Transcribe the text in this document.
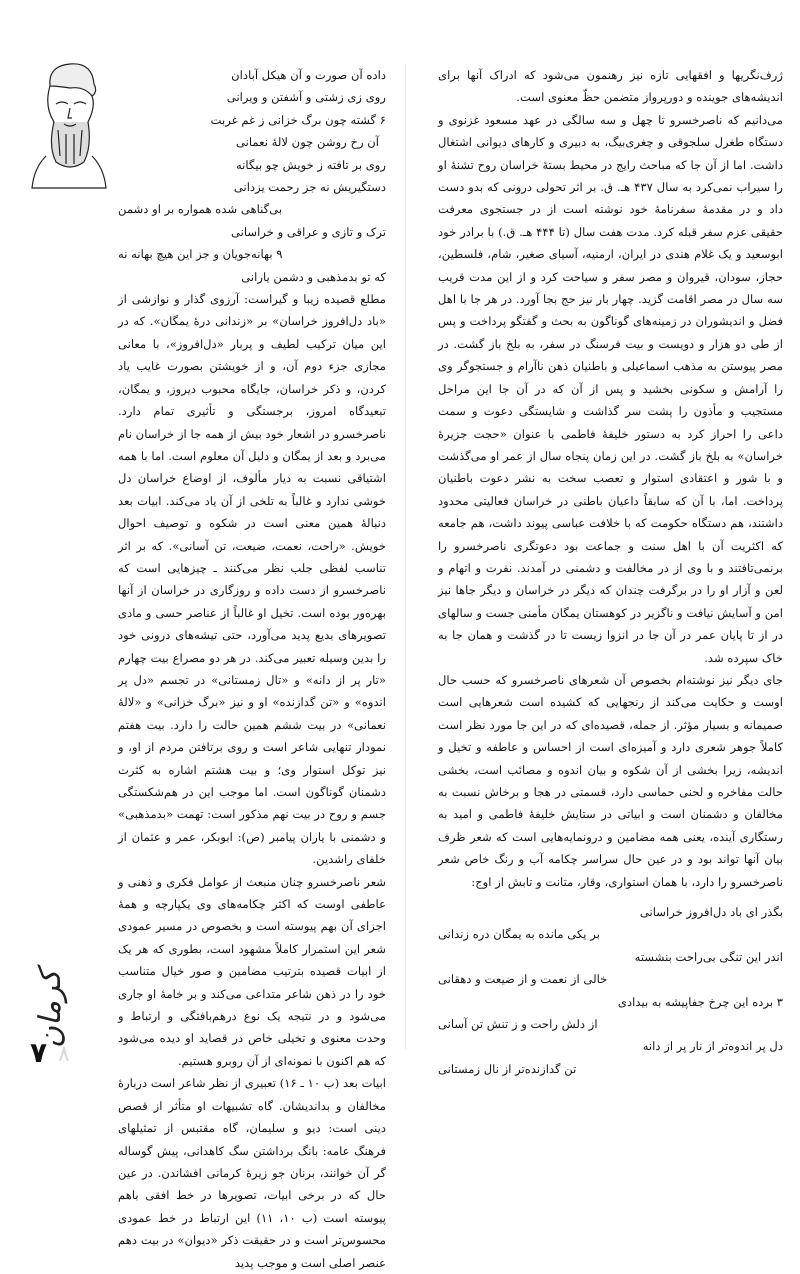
ژرف‌نگریها و افقهایی تازه نیز رهنمون می‌شود که ادراک آنها برای اندیشه‌های جوینده و دورپرواز متضمن حظّ معنوی است.

می‌دانیم که ناصرخسرو تا چهل و سه سالگی در عهد مسعود غزنوی و دستگاه طغرل سلجوقی و چغری‌بیگ، به دبیری و کارهای دیوانی اشتغال داشت. اما از آن جا که مباحث رایج در محیط بستهٔ خراسان روح تشنهٔ او را سیراب نمی‌کرد به سال ۴۳۷ هـ. ق. بر اثر تحولی درونی که بدو دست داد و در مقدمهٔ سفرنامهٔ خود نوشته است از در جستجوی معرفت حقیقی عزم سفر قبله کرد. مدت هفت سال (تا ۴۴۴ هـ. ق.) با برادر خود ابوسعید و یک غلام هندی در ایران، ارمنیه، آسیای صغیر، شام، فلسطین، حجاز، سودان، قیروان و مصر سفر و سیاحت کرد و از این مدت قریب سه سال در مصر اقامت گزید. چهار بار نیز حج بجا آورد. در هر جا با اهل فضل و اندیشوران در زمینه‌های گوناگون به بحث و گفتگو پرداخت و پس از طی دو هزار و دویست و بیت فرسنگ در سفر، به بلخ باز گشت. در مصر پیوستن به مذهب اسماعیلی و باطنیان ذهن ناآرام و جستجوگر وی را آرامش و سکونی بخشید و پس از آن که در آن جا این مراحل مستجیب و مأذون را پشت سر گذاشت و شایستگی دعوت و سمت داعی را احراز کرد به دستور خلیفهٔ فاطمی با عنوان «حجت جزیرهٔ خراسان» به بلخ باز گشت. در این زمان پنجاه سال از عمر او می‌گذشت و با شور و اعتقادی استوار و تعصب سخت به نشر دعوت باطنیان پرداخت. اما، با آن که سابقاً داعیان باطنی در خراسان فعالیتی محدود داشتند، هم دستگاه حکومت که با خلافت عباسی پیوند داشت، هم جامعه که اکثریت آن با اهل سنت و جماعت بود دعوتگری ناصرخسرو را برنمی‌تافتند و با وی از در مخالفت و دشمنی در آمدند. نفرت و اتهام و لعن و آزار او را در برگرفت چندان که دیگر در خراسان و دیگر جاها نیز امن و آسایش نیافت و ناگزیر در کوهستان یمگان مأمنی جست و سالهای در از تا پایان عمر در آن جا در انزوا زیست تا در گذشت و همان جا به خاک سپرده شد.

جای دیگر نیز نوشته‌ام بخصوص آن شعرهای ناصرخسرو که حسب حال اوست و حکایت می‌کند از رنجهایی که کشیده است شعرهایی است صمیمانه و بسیار مؤثر. از جمله، قصیده‌ای که در این جا مورد نظر است کاملاً جوهر شعری دارد و آمیزه‌ای است از احساس و عاطفه و تخیل و اندیشه، زیرا بخشی از آن شکوه و بیان اندوه و مصائب است، بخشی حالت مفاخره و لحنی حماسی دارد، قسمتی در هجا و برخاش نسبت به مخالفان و دشمنان است و ابیاتی در ستایش خلیفهٔ فاطمی و امید به رستگاری آینده، یعنی همه مضامین و درونمایه‌هایی است که شعر ظرف بیان آنها تواند بود و در عین حال سراسر چکامه آب و رنگ خاص شعر ناصرخسرو را دارد، با همان استواری، وقار، متانت و تابش از اوج:

بگذر ای باد دل‌افروز خراسانی
بر یکی مانده به یمگان دره زندانی
اندر این تنگی بی‌راحت بنشسته
خالی از نعمت و از ضیعت و دهقانی
۳ برده این چرخ جفاپیشه به بیدادی
از دلش راحت و ز تنش تن آسانی
دل پر اندوه‌تر از نار پر از دانه
تن گدازنده‌تر از نال زمستانی
داده آن صورت و آن هیکل آبادان
روی زی زشتی و آشفتن و ویرانی
۶ گشته چون برگ خزانی ز غم غربت
آن رخ روشن چون لالهٔ نعمانی
روی بر تافته ز خویش چو بیگانه
دستگیریش نه جز رحمت یزدانی
بی‌گناهی شده همواره بر او دشمن
ترک و تازی و عراقی و خراسانی
۹ بهانه‌جویان و جز این هیچ بهانه نه
که تو بدمذهبی و دشمن یارانی

مطلع قصیده زیبا و گیراست: آرزوی گذار و نوازشی از «باد دل‌افروز خراسان» بر «زندانی درهٔ یمگان». که در این میان ترکیب لطیف و پربار «دل‌افروز»، با معانی مجازی جزء دوم آن، و از خویشتن بصورت غایب یاد کردن، و ذکر خراسان، جایگاه محبوب دیروز، و یمگان، تبعیدگاه امروز، برجستگی و تأثیری تمام دارد. ناصرخسرو در اشعار خود بیش از همه جا از خراسان نام می‌برد و بعد از یمگان و دلیل آن معلوم است. اما با همه اشتیاقی نسبت به دیار مألوف، از اوضاع خراسان دل خوشی ندارد و غالباً به تلخی از آن یاد می‌کند. ابیات بعد دنبالهٔ همین معنی است در شکوه و توصیف احوال خویش. «راحت، نعمت، ضیعت، تن آسانی». که بر اثر تناسب لفظی جلب نظر می‌کنند ـ چیزهایی است که ناصرخسرو از دست داده و روزگاری در خراسان از آنها بهره‌ور بوده است. تخیل او غالباً از عناصر حسی و مادی تصویرهای بدیع پدید می‌آورد، حتی تیشه‌های درونی خود را بدین وسیله تعبیر می‌کند. در هر دو مصراع بیت چهارم «تار پر از دانه» و «تال زمستانی» در تجسم «دل پر اندوه» و «تن گدازنده» او و نیز «برگ خزانی» و «لالهٔ نعمانی» در بیت ششم همین حالت را دارد. بیت هفتم نمودار تنهایی شاعر است و روی برتافتن مردم از او، و نیز توکل استوار وی؛ و بیت هشتم اشاره به کثرت دشمنان گوناگون است. اما موجب این در هم‌شکستگی جسم و روح در بیت نهم مذکور است: تهمت «بدمذهبی» و دشمنی با یاران پیامبر (ص): ابوبکر، عمر و عثمان از خلفای راشدین.

شعر ناصرخسرو چنان منبعث از عوامل فکری و ذهنی و عاطفی اوست که اکثر چکامه‌های وی یکپارچه و همهٔ اجزای آن بهم پیوسته است و بخصوص در مسیر عمودی شعر این استمرار کاملاً مشهود است، بطوری که هر یک از ابیات قصیده بترتیب مضامین و صور خیال متناسب خود را در ذهن شاعر متداعی می‌کند و بر خامهٔ او جاری می‌شود و در نتیجه یک نوع درهم‌بافتگی و ارتباط و وحدت معنوی و تخیلی خاص در قصاید او دیده می‌شود که هم اکنون با نمونه‌ای از آن روبرو هستیم.

ابیات بعد (ب ۱۰ ـ ۱۶) تعبیری از نظر شاعر است دربارهٔ مخالفان و بداندیشان. گاه تشبیهات او متأثر از قصص دینی است: دیو و سلیمان، گاه مقتبس از تمثیلهای فرهنگ عامه: بانگ برداشتن سگ کاهدانی، پیش گوساله گر آن خوانند، برنان جو زیرهٔ کرمانی افشاندن. در عین حال که در برخی ابیات، تصویرها در خط افقی باهم پیوسته است (ب ۱۰، ۱۱) این ارتباط در خط عمودی محسوس‌تر است و در حقیقت ذکر «دیوان» در بیت دهم عنصر اصلی است و موجب پدید

کرمان
۷ ۸
